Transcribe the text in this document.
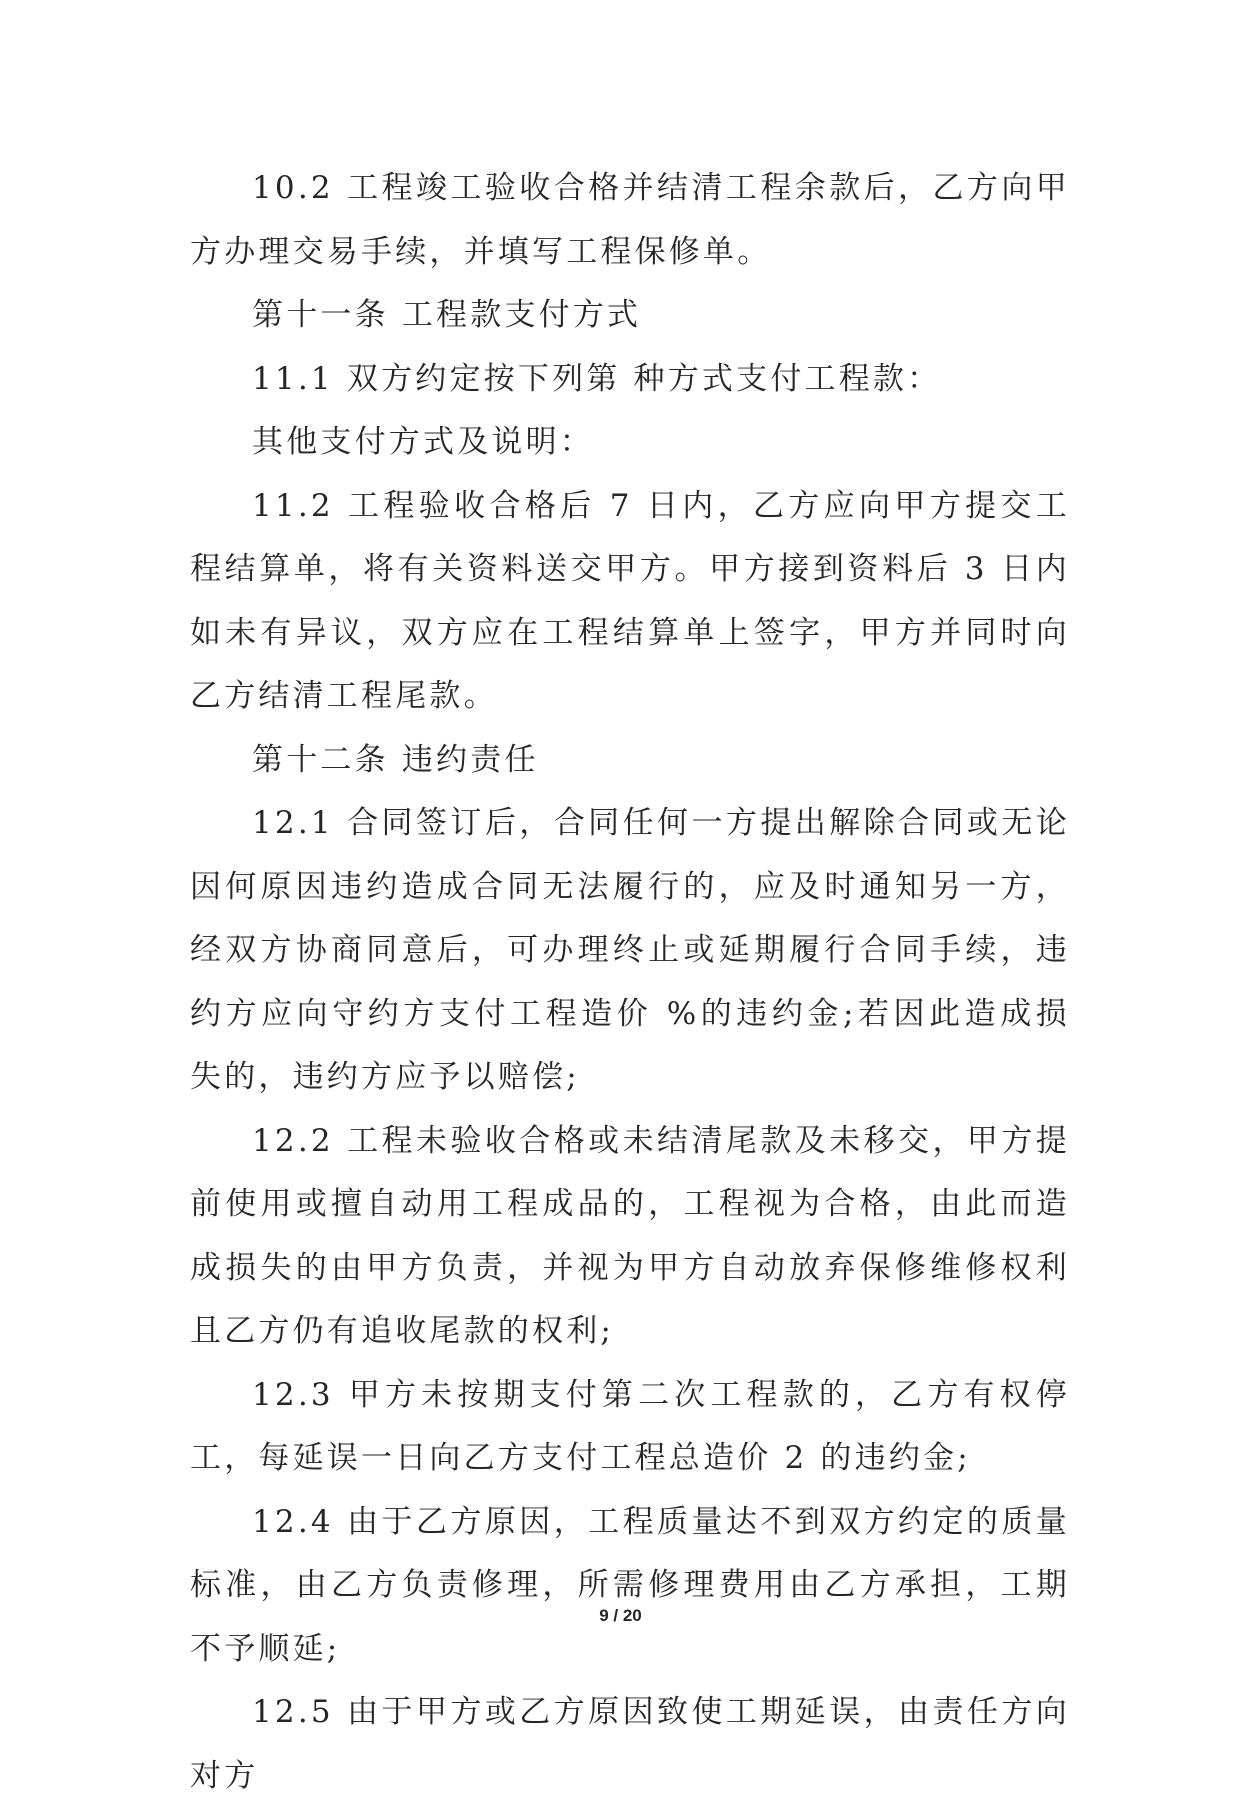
10.2 工程竣工验收合格并结清工程余款后，乙方向甲方办理交易手续，并填写工程保修单。

第十一条 工程款支付方式

11.1 双方约定按下列第 种方式支付工程款：

其他支付方式及说明：

11.2 工程验收合格后 7 日内，乙方应向甲方提交工程结算单，将有关资料送交甲方。甲方接到资料后 3 日内如未有异议，双方应在工程结算单上签字，甲方并同时向乙方结清工程尾款。

第十二条 违约责任

12.1 合同签订后，合同任何一方提出解除合同或无论因何原因违约造成合同无法履行的，应及时通知另一方，经双方协商同意后，可办理终止或延期履行合同手续，违约方应向守约方支付工程造价 %的违约金;若因此造成损失的，违约方应予以赔偿;

12.2 工程未验收合格或未结清尾款及未移交，甲方提前使用或擅自动用工程成品的，工程视为合格，由此而造成损失的由甲方负责，并视为甲方自动放弃保修维修权利且乙方仍有追收尾款的权利;

12.3 甲方未按期支付第二次工程款的，乙方有权停工，每延误一日向乙方支付工程总造价 2 的违约金;

12.4 由于乙方原因，工程质量达不到双方约定的质量标准，由乙方负责修理，所需修理费用由乙方承担，工期不予顺延;

12.5 由于甲方或乙方原因致使工期延误，由责任方向对方

9 / 20
